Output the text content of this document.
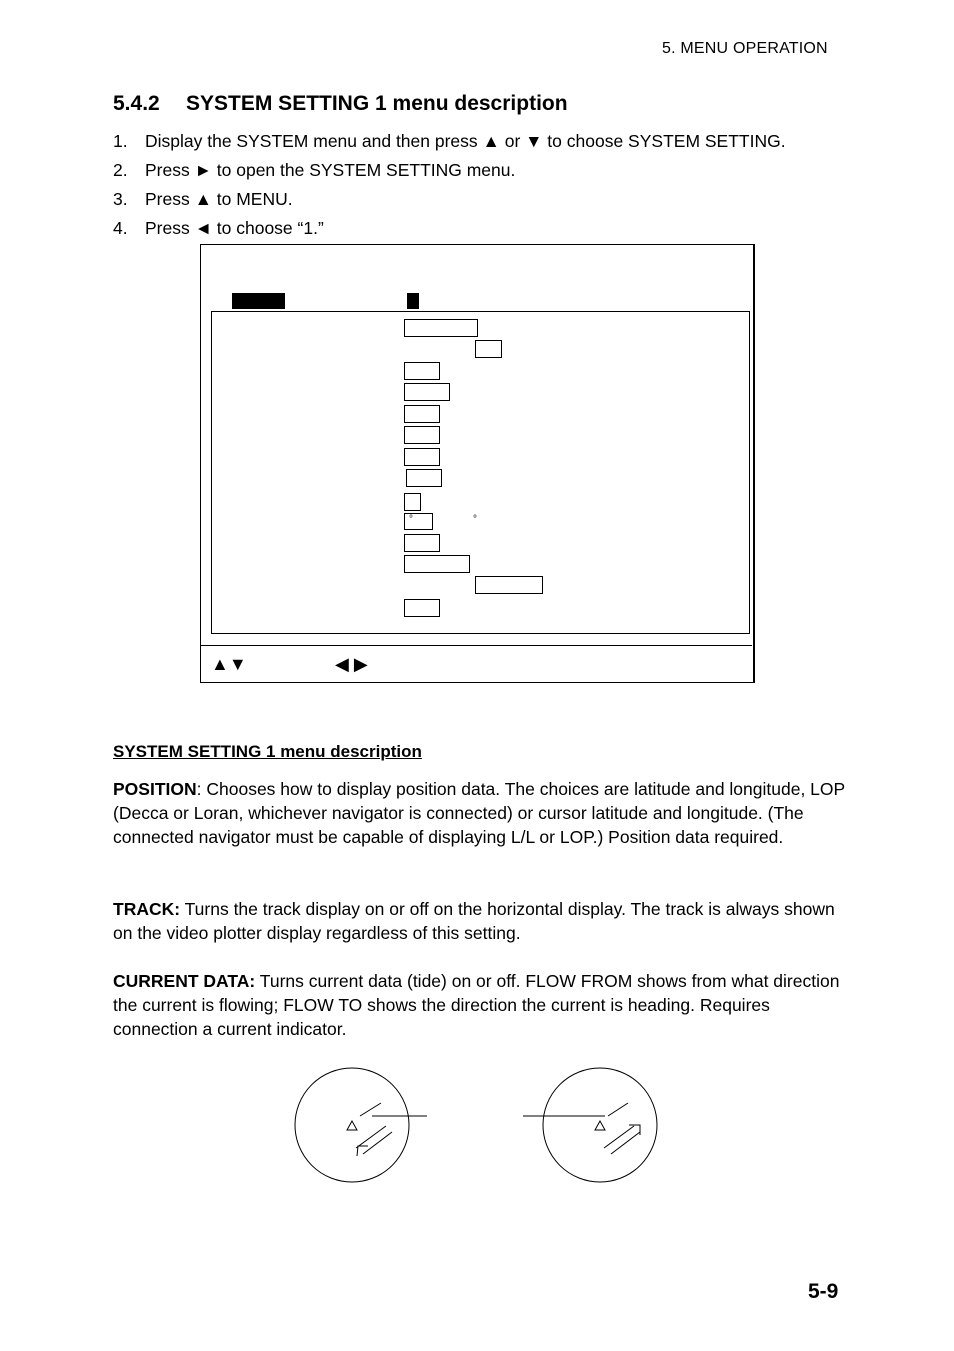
5. MENU OPERATION
5.4.2 SYSTEM SETTING 1 menu description
1. Display the SYSTEM menu and then press ▲ or ▼ to choose SYSTEM SETTING.
2. Press ► to open the SYSTEM SETTING menu.
3. Press ▲ to MENU.
4. Press ◄ to choose “1.”
°	°
▲▼	◀ ▶
SYSTEM SETTING 1 menu description

POSITION: Chooses how to display position data. The choices are latitude and longitude, LOP (Decca or Loran, whichever navigator is connected) or cursor latitude and longitude. (The connected navigator must be capable of displaying L/L or LOP.) Position data required.

TRACK: Turns the track display on or off on the horizontal display. The track is always shown on the video plotter display regardless of this setting.

CURRENT DATA: Turns current data (tide) on or off. FLOW FROM shows from what direction the current is flowing; FLOW TO shows the direction the current is heading. Requires connection a current indicator.

5-9
